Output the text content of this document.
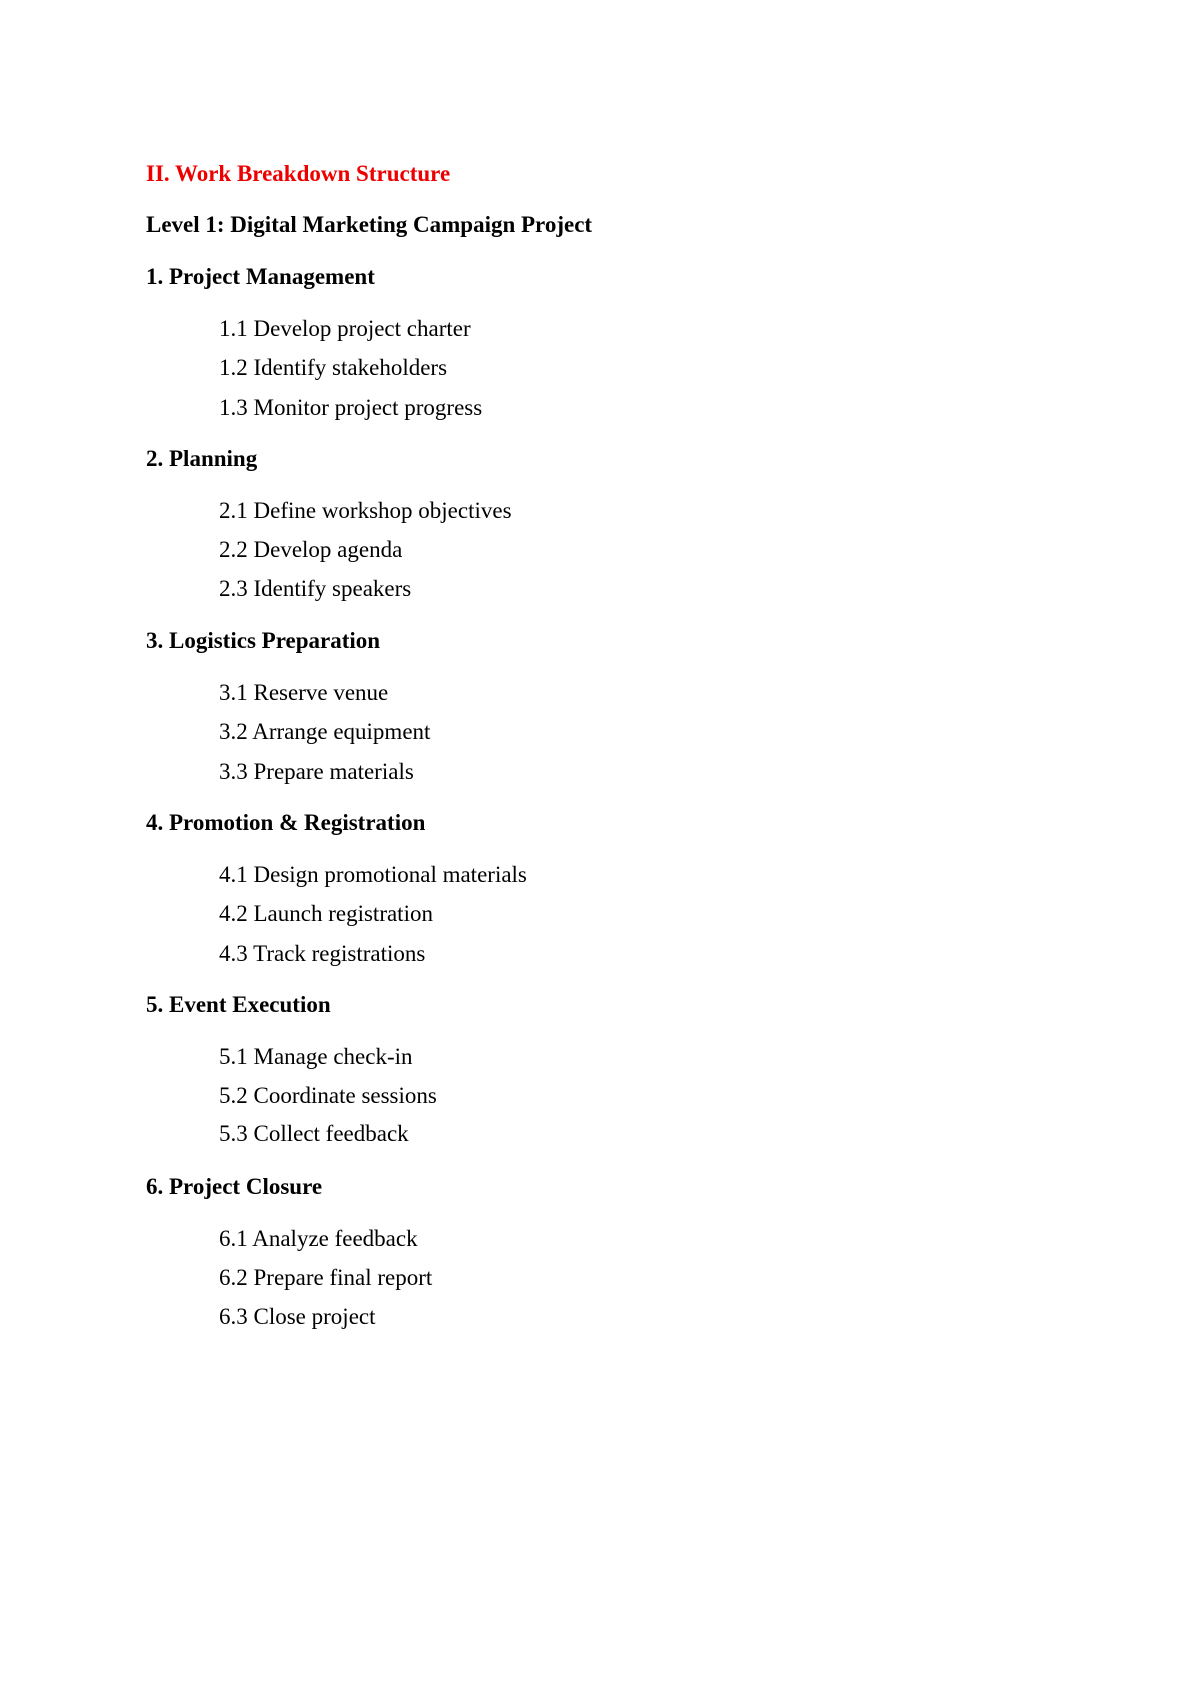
II. Work Breakdown Structure
Level 1: Digital Marketing Campaign Project
1. Project Management
1.1 Develop project charter
1.2 Identify stakeholders
1.3 Monitor project progress
2. Planning
2.1 Define workshop objectives
2.2 Develop agenda
2.3 Identify speakers
3. Logistics Preparation
3.1 Reserve venue
3.2 Arrange equipment
3.3 Prepare materials
4. Promotion & Registration
4.1 Design promotional materials
4.2 Launch registration
4.3 Track registrations
5. Event Execution
5.1 Manage check-in
5.2 Coordinate sessions
5.3 Collect feedback
6. Project Closure
6.1 Analyze feedback
6.2 Prepare final report
6.3 Close project
